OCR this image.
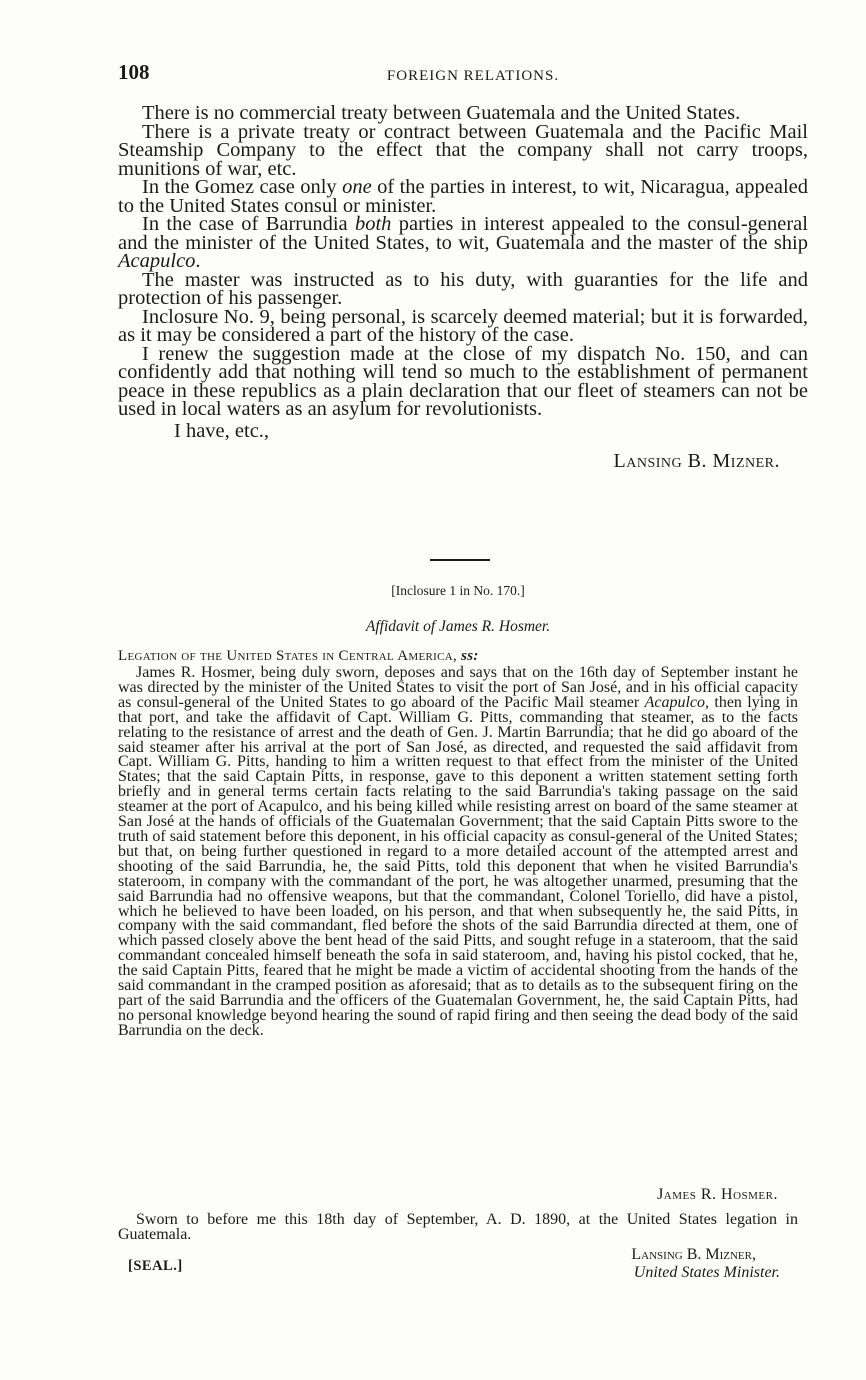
108	FOREIGN RELATIONS.

There is no commercial treaty between Guatemala and the United States.

There is a private treaty or contract between Guatemala and the Pacific Mail Steamship Company to the effect that the company shall not carry troops, munitions of war, etc.

In the Gomez case only one of the parties in interest, to wit, Nicaragua, appealed to the United States consul or minister.

In the case of Barrundia both parties in interest appealed to the consul-general and the minister of the United States, to wit, Guatemala and the master of the ship Acapulco.

The master was instructed as to his duty, with guaranties for the life and protection of his passenger.

Inclosure No. 9, being personal, is scarcely deemed material; but it is forwarded, as it may be considered a part of the history of the case.

I renew the suggestion made at the close of my dispatch No. 150, and can confidently add that nothing will tend so much to the establishment of permanent peace in these republics as a plain declaration that our fleet of steamers can not be used in local waters as an asylum for revolutionists.

I have, etc.,
Lansing B. Mizner.
[Inclosure 1 in No. 170.]
Affidavit of James R. Hosmer.
Legation of the United States in Central America, ss:

James R. Hosmer, being duly sworn, deposes and says that on the 16th day of September instant he was directed by the minister of the United States to visit the port of San José, and in his official capacity as consul-general of the United States to go aboard of the Pacific Mail steamer Acapulco, then lying in that port, and take the affidavit of Capt. William G. Pitts, commanding that steamer, as to the facts relating to the resistance of arrest and the death of Gen. J. Martin Barrundia; that he did go aboard of the said steamer after his arrival at the port of San José, as directed, and requested the said affidavit from Capt. William G. Pitts, handing to him a written request to that effect from the minister of the United States; that the said Captain Pitts, in response, gave to this deponent a written statement setting forth briefly and in general terms certain facts relating to the said Barrundia's taking passage on the said steamer at the port of Acapulco, and his being killed while resisting arrest on board of the same steamer at San José at the hands of officials of the Guatemalan Government; that the said Captain Pitts swore to the truth of said statement before this deponent, in his official capacity as consul-general of the United States; but that, on being further questioned in regard to a more detailed account of the attempted arrest and shooting of the said Barrundia, he, the said Pitts, told this deponent that when he visited Barrundia's stateroom, in company with the commandant of the port, he was altogether unarmed, presuming that the said Barrundia had no offensive weapons, but that the commandant, Colonel Toriello, did have a pistol, which he believed to have been loaded, on his person, and that when subsequently he, the said Pitts, in company with the said commandant, fled before the shots of the said Barrundia directed at them, one of which passed closely above the bent head of the said Pitts, and sought refuge in a stateroom, that the said commandant concealed himself beneath the sofa in said stateroom, and, having his pistol cocked, that he, the said Captain Pitts, feared that he might be made a victim of accidental shooting from the hands of the said commandant in the cramped position as aforesaid; that as to details as to the subsequent firing on the part of the said Barrundia and the officers of the Guatemalan Government, he, the said Captain Pitts, had no personal knowledge beyond hearing the sound of rapid firing and then seeing the dead body of the said Barrundia on the deck.

James R. Hosmer.

Sworn to before me this 18th day of September, A. D. 1890, at the United States legation in Guatemala.

[SEAL.]
Lansing B. Mizner,
United States Minister.
